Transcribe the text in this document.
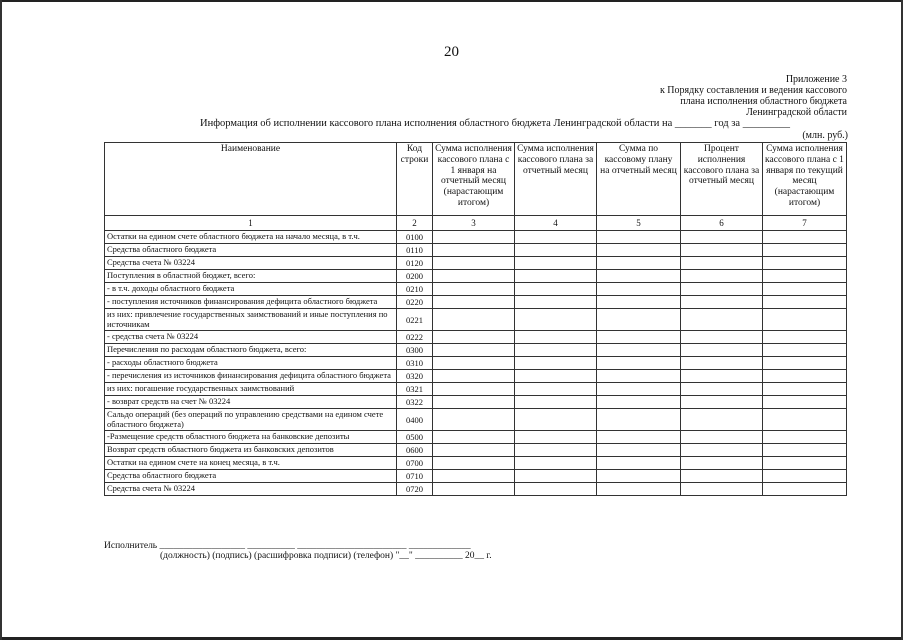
20
Приложение 3
к Порядку составления и ведения кассового
плана исполнения областного бюджета
Ленинградской области
Информация об исполнении кассового плана исполнения областного бюджета Ленинградской области на _______ год за _________
(млн. руб.)
Наименование	Код строки	Сумма исполнения кассового плана с 1 января на отчетный месяц (нарастающим итогом)	Сумма исполнения кассового плана за отчетный месяц	Сумма по кассовому плану на отчетный месяц	Процент исполнения кассового плана за отчетный месяц	Сумма исполнения кассового плана с 1 января по текущий месяц (нарастающим итогом)
1	2	3	4	5	6	7
Остатки на едином счете областного бюджета на начало месяца, в т.ч.	0100					
Средства областного бюджета	0110					
Средства счета № 03224	0120					
Поступления в областной бюджет, всего:	0200					
- в т.ч. доходы областного бюджета	0210					
- поступления источников финансирования дефицита областного бюджета	0220					
из них: привлечение государственных заимствований и иные поступления по источникам	0221					
- средства счета № 03224	0222					
Перечисления по расходам областного бюджета, всего:	0300					
- расходы областного бюджета	0310					
- перечисления из источников финансирования дефицита областного бюджета	0320					
из них: погашение государственных заимствований	0321					
- возврат средств на счет № 03224	0322					
Сальдо операций (без операций по управлению средствами на едином счете областного бюджета)	0400					
-Размещение средств областного бюджета на банковские депозиты	0500					
Возврат средств областного бюджета из банковских депозитов	0600					
Остатки на едином счете на конец месяца, в т.ч.	0700					
Средства областного бюджета	0710					
Средства счета № 03224	0720					
Исполнитель __________________ __________ _______________________ _____________
(должность) (подпись) (расшифровка подписи) (телефон) "__" __________ 20__ г.
